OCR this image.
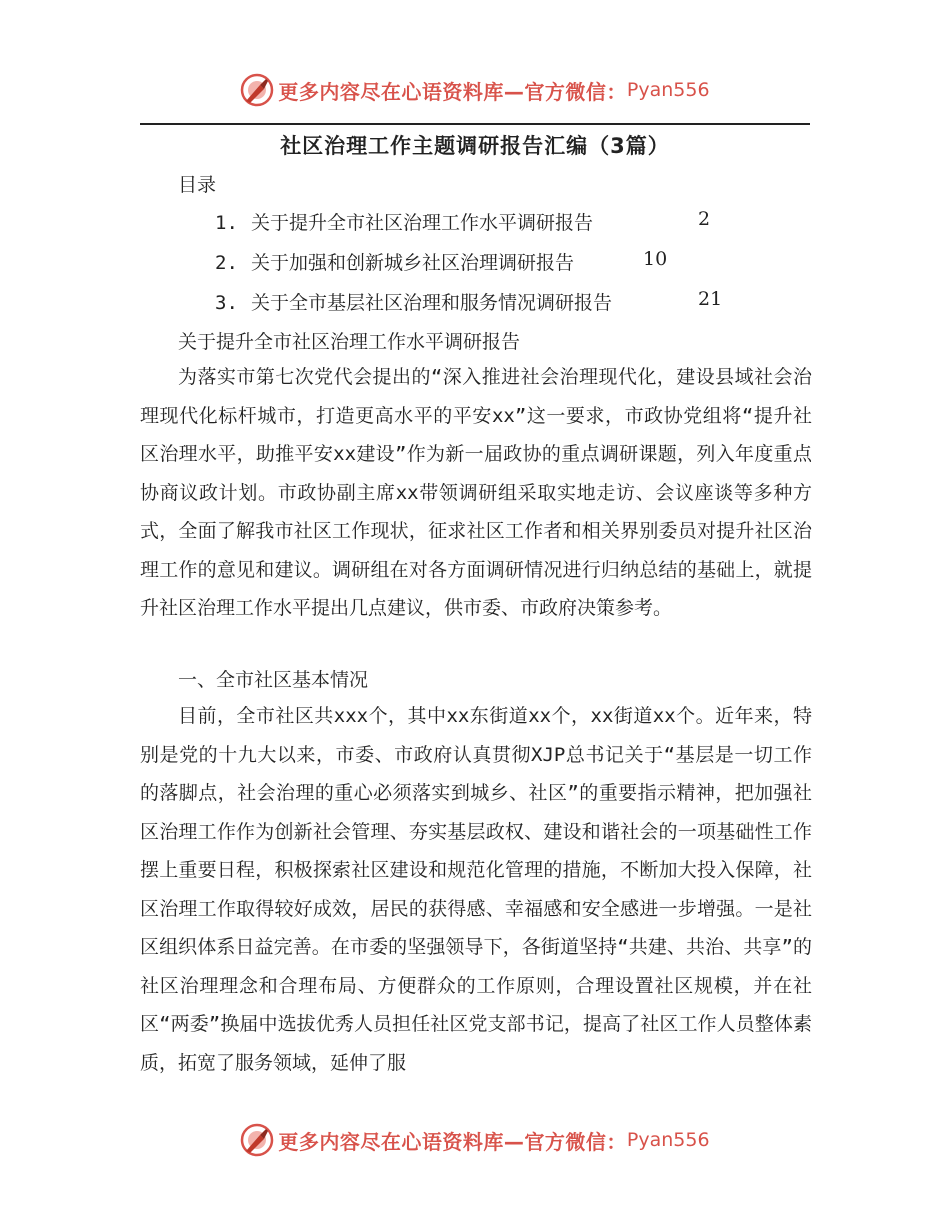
更多内容尽在心语资料库—官方微信： Pyan556
社区治理工作主题调研报告汇编（3篇）
目录
1. 关于提升全市社区治理工作水平调研报告	2
2. 关于加强和创新城乡社区治理调研报告	10
3. 关于全市基层社区治理和服务情况调研报告	21
关于提升全市社区治理工作水平调研报告

为落实市第七次党代会提出的“深入推进社会治理现代化，建设县域社会治理现代化标杆城市，打造更高水平的平安xx”这一要求，市政协党组将“提升社区治理水平，助推平安xx建设”作为新一届政协的重点调研课题，列入年度重点协商议政计划。市政协副主席xx带领调研组采取实地走访、会议座谈等多种方式，全面了解我市社区工作现状，征求社区工作者和相关界别委员对提升社区治理工作的意见和建议。调研组在对各方面调研情况进行归纳总结的基础上，就提升社区治理工作水平提出几点建议，供市委、市政府决策参考。

一、全市社区基本情况

目前，全市社区共xxx个，其中xx东街道xx个，xx街道xx个。近年来，特别是党的十九大以来，市委、市政府认真贯彻XJP总书记关于“基层是一切工作的落脚点，社会治理的重心必须落实到城乡、社区”的重要指示精神，把加强社区治理工作作为创新社会管理、夯实基层政权、建设和谐社会的一项基础性工作摆上重要日程，积极探索社区建设和规范化管理的措施，不断加大投入保障，社区治理工作取得较好成效，居民的获得感、幸福感和安全感进一步增强。一是社区组织体系日益完善。在市委的坚强领导下，各街道坚持“共建、共治、共享”的社区治理理念和合理布局、方便群众的工作原则，合理设置社区规模，并在社区“两委”换届中选拔优秀人员担任社区党支部书记，提高了社区工作人员整体素质，拓宽了服务领域，延伸了服

更多内容尽在心语资料库—官方微信： Pyan556
